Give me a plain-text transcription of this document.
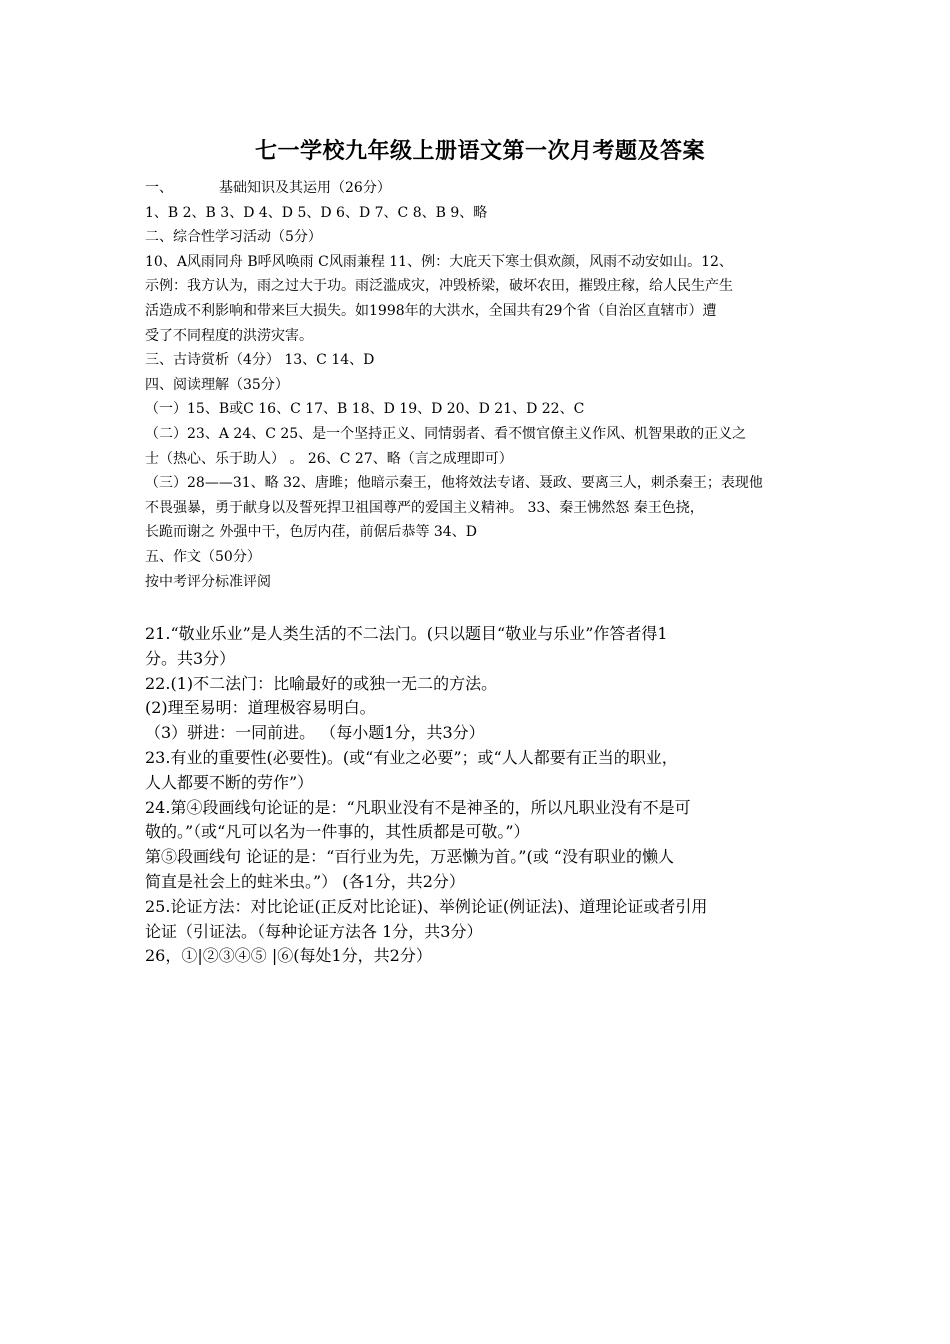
七一学校九年级上册语文第一次月考题及答案

一、	基础知识及其运用（26分）

1、B 2、B 3、D 4、D 5、D 6、D 7、C 8、B 9、略

二、综合性学习活动（5分）

10、A风雨同舟 B呼风唤雨 C风雨兼程 11、例：大庇天下寒士俱欢颜，风雨不动安如山。12、

示例：我方认为，雨之过大于功。雨泛滥成灾，冲毁桥梁，破坏农田，摧毁庄稼，给人民生产生

活造成不利影响和带来巨大损失。如1998年的大洪水，全国共有29个省（自治区直辖市）遭

受了不同程度的洪涝灾害。

三、古诗赏析（4分） 13、C 14、D

四、阅读理解（35分）

（一）15、B或C 16、C 17、B 18、D 19、D 20、D 21、D 22、C

（二）23、A 24、C 25、是一个坚持正义、同情弱者、看不惯官僚主义作风、机智果敢的正义之

士（热心、乐于助人） 。 26、C 27、略（言之成理即可）

（三）28——31、略 32、唐雎；他暗示秦王，他将效法专诸、聂政、要离三人，刺杀秦王；表现他

不畏强暴，勇于献身以及誓死捍卫祖国尊严的爱国主义精神。 33、秦王怫然怒 秦王色挠，

长跪而谢之 外强中干，色厉内荏，前倨后恭等 34、D

五、作文（50分）

按中考评分标准评阅

21.“敬业乐业”是人类生活的不二法门。(只以题目“敬业与乐业”作答者得1

分。共3分）

22.(1)不二法门：比喻最好的或独一无二的方法。

(2)理至易明：道理极容易明白。

（3）骈进：一同前进。 （每小题1分，共3分）

23.有业的重要性(必要性)。(或“有业之必要”；或“人人都要有正当的职业，

人人都要不断的劳作”）

24.第④段画线句论证的是：“凡职业没有不是神圣的，所以凡职业没有不是可

敬的。”（或“凡可以名为一件事的，其性质都是可敬。”）

第⑤段画线句 论证的是：“百行业为先，万恶懒为首。”(或 “没有职业的懒人

简直是社会上的蛀米虫。”） (各1分，共2分）

25.论证方法：对比论证(正反对比论证)、举例论证(例证法)、道理论证或者引用

论证（引证法。（每种论证方法各 1分，共3分）

26，①|②③④⑤ |⑥(每处1分，共2分）
